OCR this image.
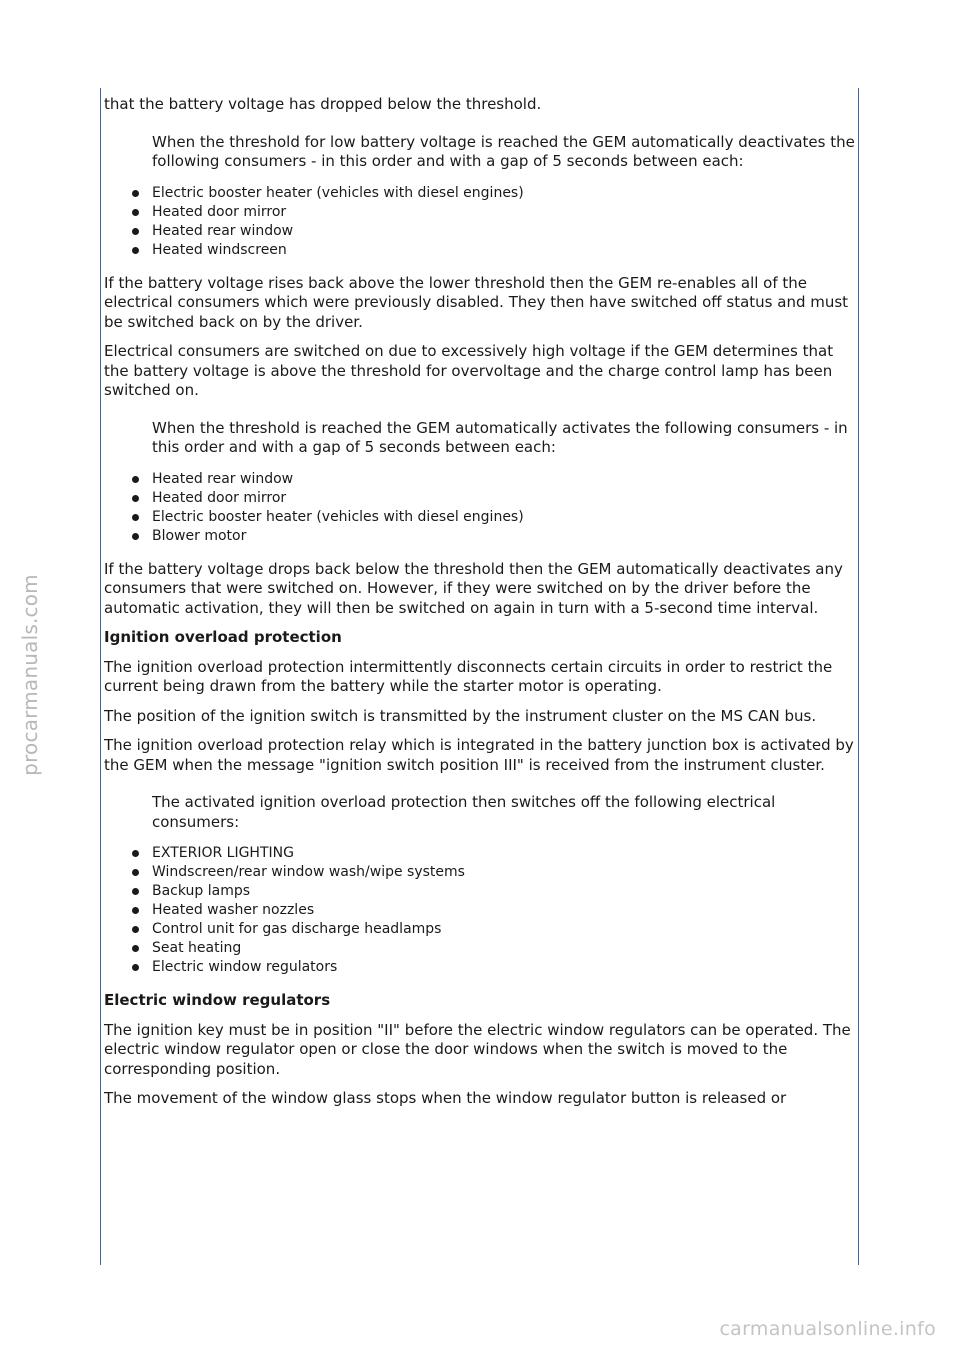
procarmanuals.com

that the battery voltage has dropped below the threshold.

When the threshold for low battery voltage is reached the GEM automatically deactivates the following consumers - in this order and with a gap of 5 seconds between each:

Electric booster heater (vehicles with diesel engines)
Heated door mirror
Heated rear window
Heated windscreen

If the battery voltage rises back above the lower threshold then the GEM re-enables all of the electrical consumers which were previously disabled. They then have switched off status and must be switched back on by the driver.

Electrical consumers are switched on due to excessively high voltage if the GEM determines that the battery voltage is above the threshold for overvoltage and the charge control lamp has been switched on.

When the threshold is reached the GEM automatically activates the following consumers - in this order and with a gap of 5 seconds between each:

Heated rear window
Heated door mirror
Electric booster heater (vehicles with diesel engines)
Blower motor

If the battery voltage drops back below the threshold then the GEM automatically deactivates any consumers that were switched on. However, if they were switched on by the driver before the automatic activation, they will then be switched on again in turn with a 5-second time interval.

Ignition overload protection

The ignition overload protection intermittently disconnects certain circuits in order to restrict the current being drawn from the battery while the starter motor is operating.

The position of the ignition switch is transmitted by the instrument cluster on the MS CAN bus.

The ignition overload protection relay which is integrated in the battery junction box is activated by the GEM when the message "ignition switch position III" is received from the instrument cluster.

The activated ignition overload protection then switches off the following electrical consumers:

EXTERIOR LIGHTING
Windscreen/rear window wash/wipe systems
Backup lamps
Heated washer nozzles
Control unit for gas discharge headlamps
Seat heating
Electric window regulators
Electric window regulators

The ignition key must be in position "II" before the electric window regulators can be operated. The electric window regulator open or close the door windows when the switch is moved to the corresponding position.

The movement of the window glass stops when the window regulator button is released or

carmanualsonline.info
